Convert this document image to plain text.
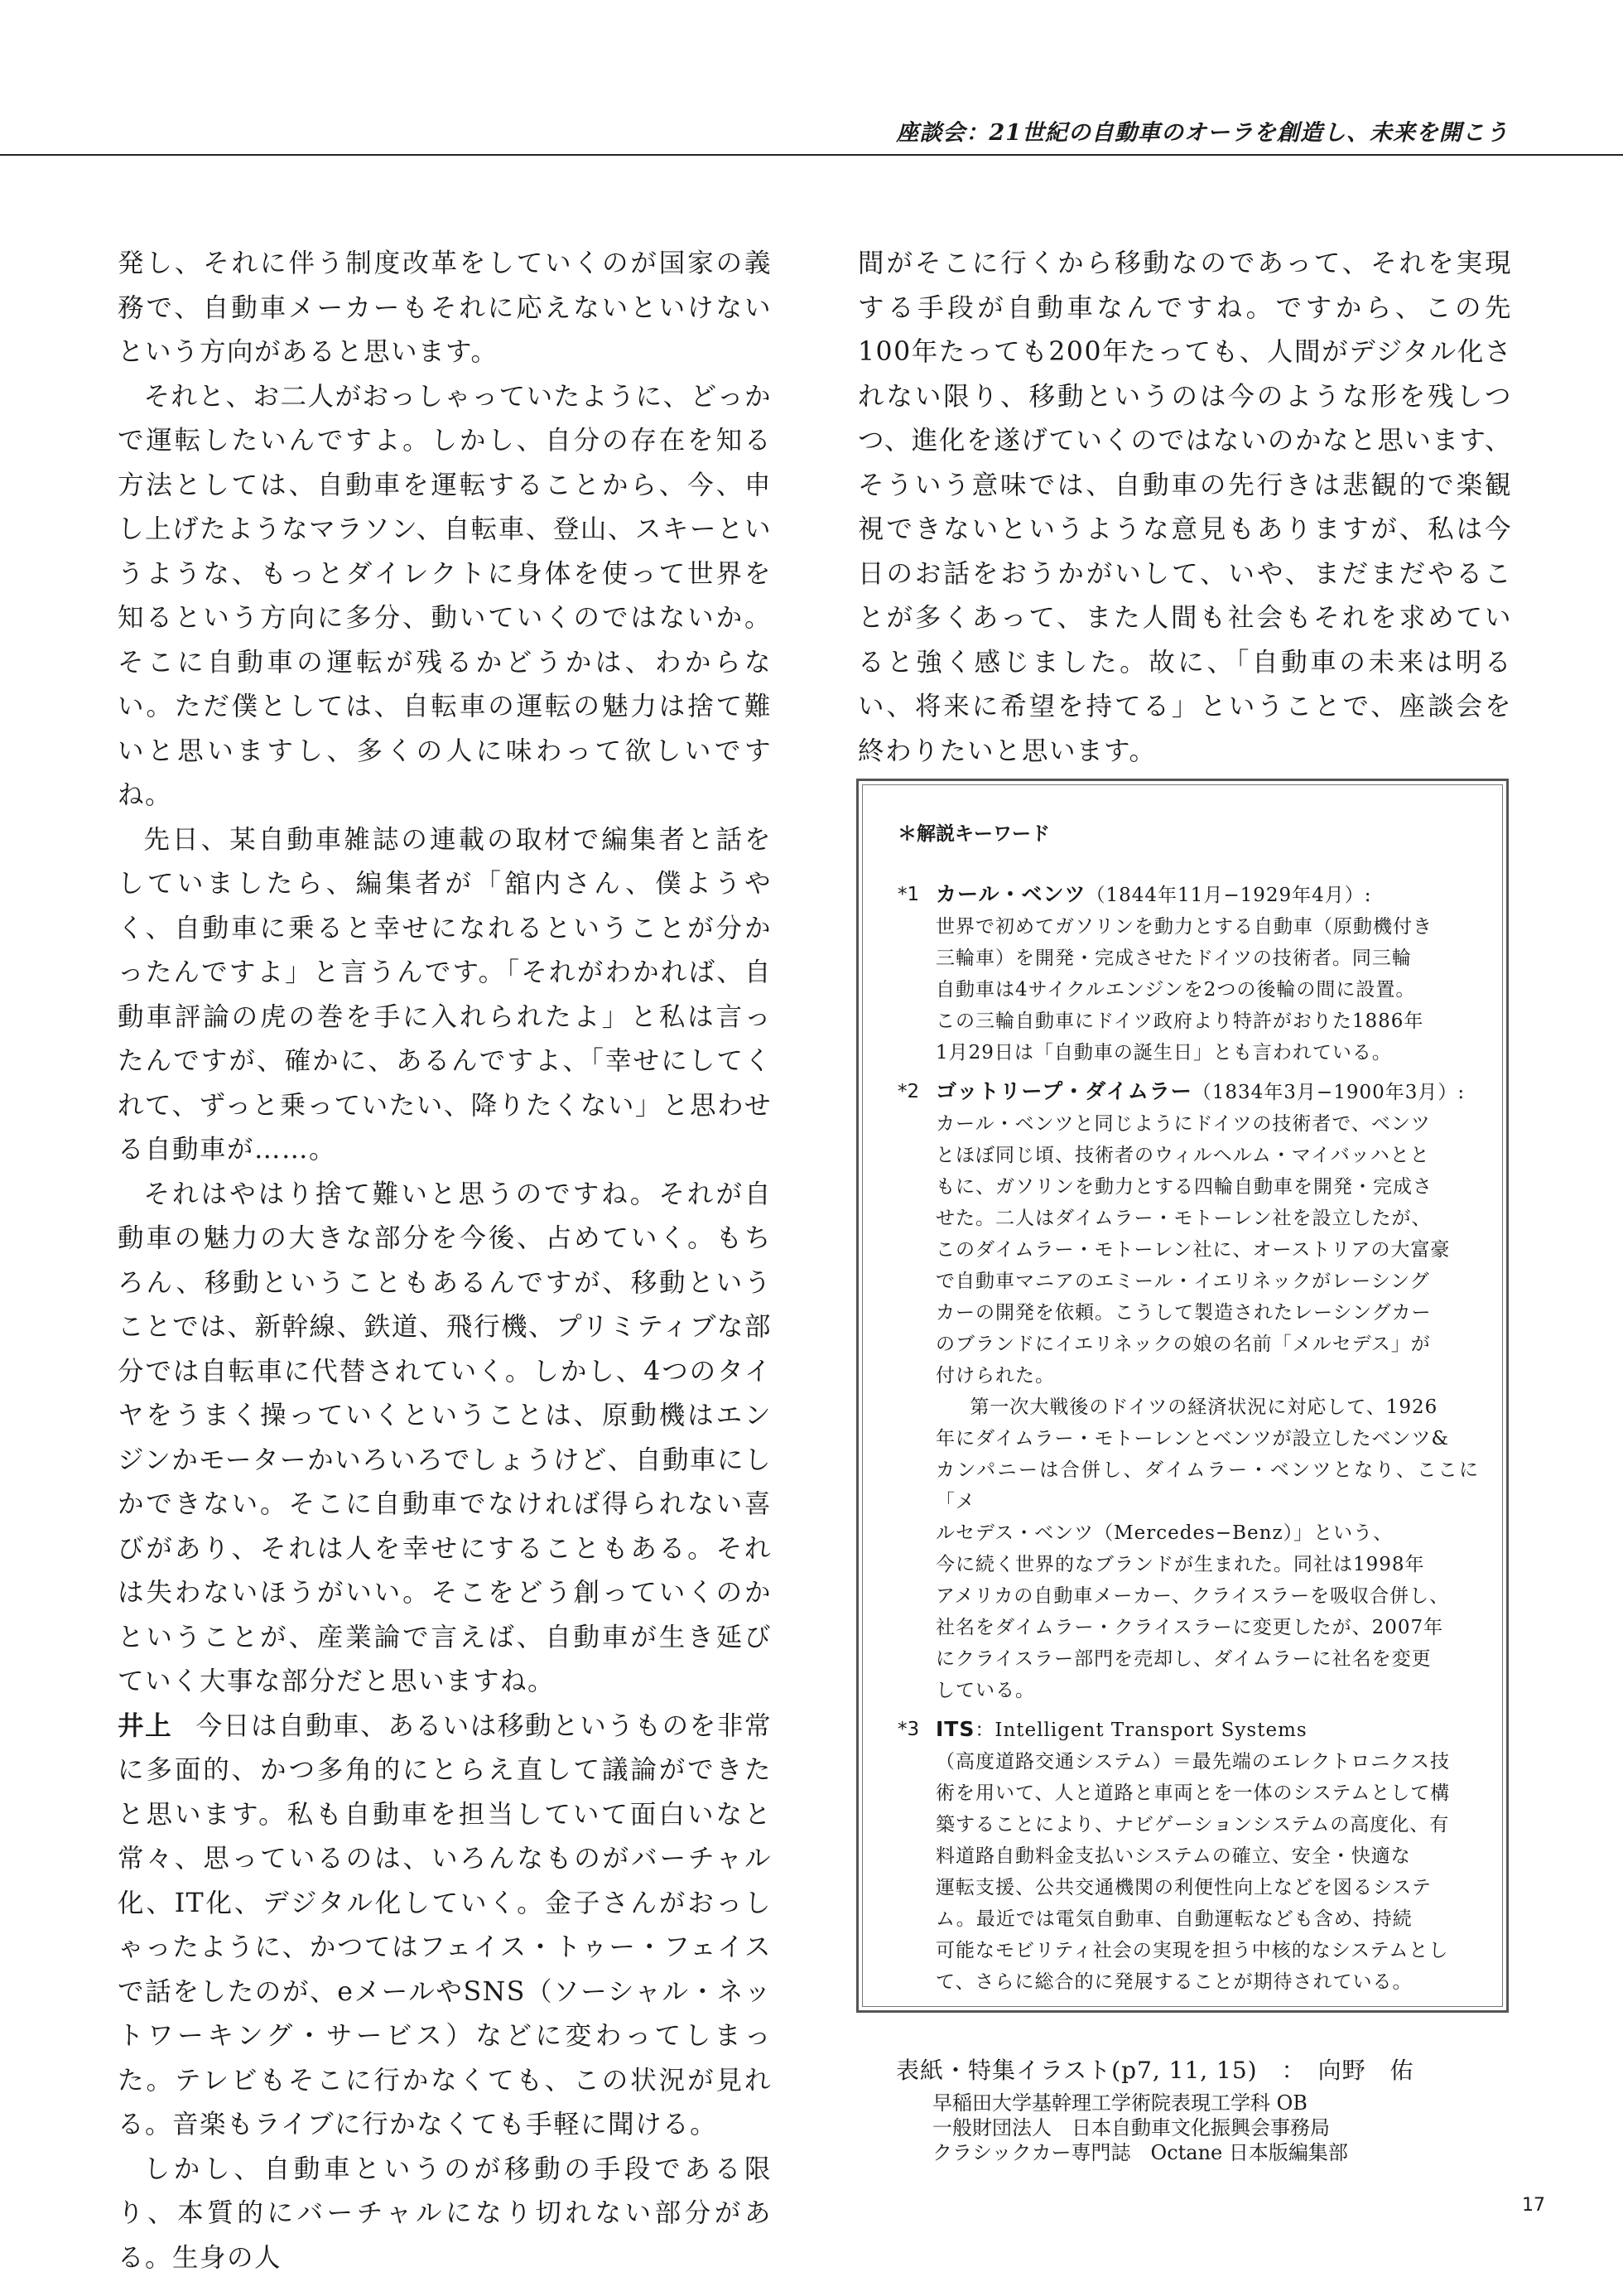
座談会：21世紀の自動車のオーラを創造し、未来を開こう

発し、それに伴う制度改革をしていくのが国家の義務で、自動車メーカーもそれに応えないといけないという方向があると思います。

それと、お二人がおっしゃっていたように、どっかで運転したいんですよ。しかし、自分の存在を知る方法としては、自動車を運転することから、今、申し上げたようなマラソン、自転車、登山、スキーというような、もっとダイレクトに身体を使って世界を知るという方向に多分、動いていくのではないか。そこに自動車の運転が残るかどうかは、わからない。ただ僕としては、自転車の運転の魅力は捨て難いと思いますし、多くの人に味わって欲しいですね。

先日、某自動車雑誌の連載の取材で編集者と話をしていましたら、編集者が「舘内さん、僕ようやく、自動車に乗ると幸せになれるということが分かったんですよ」と言うんです。「それがわかれば、自動車評論の虎の巻を手に入れられたよ」と私は言ったんですが、確かに、あるんですよ、「幸せにしてくれて、ずっと乗っていたい、降りたくない」と思わせる自動車が……。

それはやはり捨て難いと思うのですね。それが自動車の魅力の大きな部分を今後、占めていく。もちろん、移動ということもあるんですが、移動ということでは、新幹線、鉄道、飛行機、プリミティブな部分では自転車に代替されていく。しかし、4つのタイヤをうまく操っていくということは、原動機はエンジンかモーターかいろいろでしょうけど、自動車にしかできない。そこに自動車でなければ得られない喜びがあり、それは人を幸せにすることもある。それは失わないほうがいい。そこをどう創っていくのかということが、産業論で言えば、自動車が生き延びていく大事な部分だと思いますね。

井上 今日は自動車、あるいは移動というものを非常に多面的、かつ多角的にとらえ直して議論ができたと思います。私も自動車を担当していて面白いなと常々、思っているのは、いろんなものがバーチャル化、IT化、デジタル化していく。金子さんがおっしゃったように、かつてはフェイス・トゥー・フェイスで話をしたのが、eメールやSNS（ソーシャル・ネットワーキング・サービス）などに変わってしまった。テレビもそこに行かなくても、この状況が見れる。音楽もライブに行かなくても手軽に聞ける。

しかし、自動車というのが移動の手段である限り、本質的にバーチャルになり切れない部分がある。生身の人

間がそこに行くから移動なのであって、それを実現する手段が自動車なんですね。ですから、この先100年たっても200年たっても、人間がデジタル化されない限り、移動というのは今のような形を残しつつ、進化を遂げていくのではないのかなと思います、そういう意味では、自動車の先行きは悲観的で楽観視できないというような意見もありますが、私は今日のお話をおうかがいして、いや、まだまだやることが多くあって、また人間も社会もそれを求めていると強く感じました。故に、「自動車の未来は明るい、将来に希望を持てる」ということで、座談会を終わりたいと思います。

＊解説キーワード
*1 カール・ベンツ（1844年11月−1929年4月）:
世界で初めてガソリンを動力とする自動車（原動機付き
三輪車）を開発・完成させたドイツの技術者。同三輪
自動車は4サイクルエンジンを2つの後輪の間に設置。
この三輪自動車にドイツ政府より特許がおりた1886年
1月29日は「自動車の誕生日」とも言われている。
*2 ゴットリープ・ダイムラー（1834年3月−1900年3月）:
カール・ベンツと同じようにドイツの技術者で、ベンツ
とほぼ同じ頃、技術者のウィルヘルム・マイバッハとと
もに、ガソリンを動力とする四輪自動車を開発・完成さ
せた。二人はダイムラー・モトーレン社を設立したが、
このダイムラー・モトーレン社に、オーストリアの大富豪
で自動車マニアのエミール・イエリネックがレーシング
カーの開発を依頼。こうして製造されたレーシングカー
のブランドにイエリネックの娘の名前「メルセデス」が
付けられた。
第一次大戦後のドイツの経済状況に対応して、1926
年にダイムラー・モトーレンとベンツが設立したベンツ&
カンパニーは合併し、ダイムラー・ベンツとなり、ここに「メ
ルセデス・ベンツ（Mercedes−Benz）」という、
今に続く世界的なブランドが生まれた。同社は1998年
アメリカの自動車メーカー、クライスラーを吸収合併し、
社名をダイムラー・クライスラーに変更したが、2007年
にクライスラー部門を売却し、ダイムラーに社名を変更
している。
*3 ITS：Intelligent Transport Systems
（高度道路交通システム）＝最先端のエレクトロニクス技
術を用いて、人と道路と車両とを一体のシステムとして構
築することにより、ナビゲーションシステムの高度化、有
料道路自動料金支払いシステムの確立、安全・快適な
運転支援、公共交通機関の利便性向上などを図るシステ
ム。最近では電気自動車、自動運転なども含め、持続
可能なモビリティ社会の実現を担う中核的なシステムとし
て、さらに総合的に発展することが期待されている。
表紙・特集イラスト(p7, 11, 15)　：　向野　佑
早稲田大学基幹理工学術院表現工学科 OB
一般財団法人　日本自動車文化振興会事務局
クラシックカー専門誌　Octane 日本版編集部
17
